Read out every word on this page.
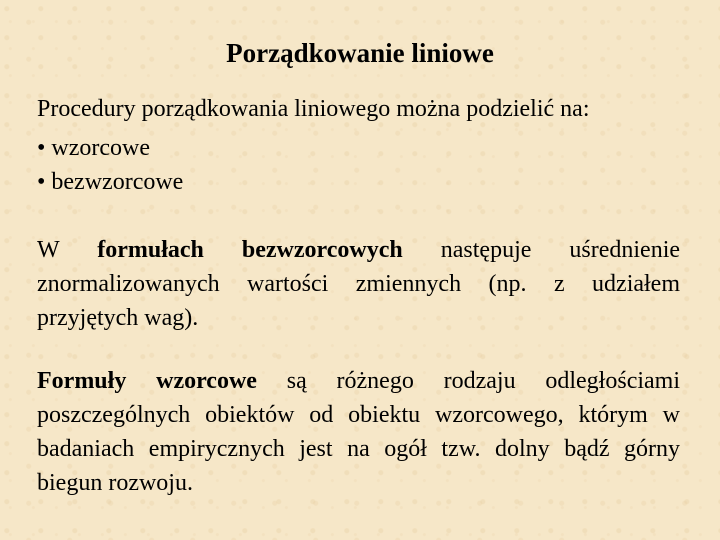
Porządkowanie liniowe
Procedury porządkowania liniowego można podzielić na:
• wzorcowe
• bezwzorcowe

W formułach bezwzorcowych następuje uśrednienie znormalizowanych wartości zmiennych (np. z udziałem przyjętych wag).

Formuły wzorcowe są różnego rodzaju odległościami poszczególnych obiektów od obiektu wzorcowego, którym w badaniach empirycznych jest na ogół tzw. dolny bądź górny biegun rozwoju.
